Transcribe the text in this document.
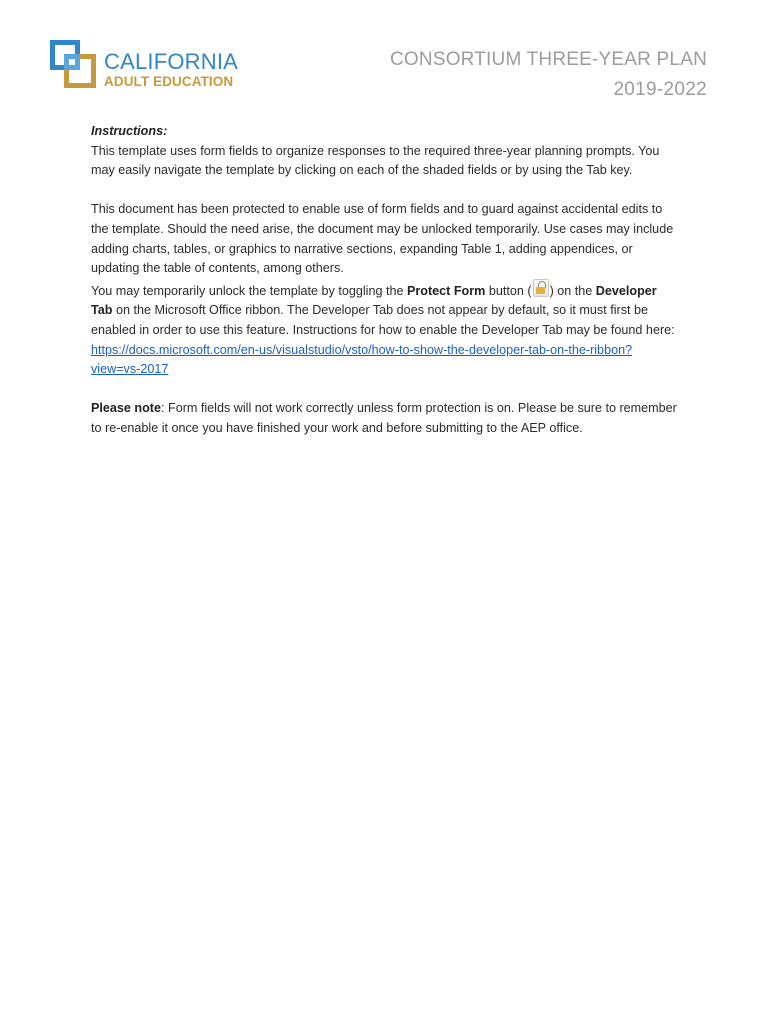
CALIFORNIA
ADULT EDUCATION
CONSORTIUM THREE-YEAR PLAN
2019-2022

Instructions:

This template uses form fields to organize responses to the required three-year planning prompts. You may easily navigate the template by clicking on each of the shaded fields or by using the Tab key.

This document has been protected to enable use of form fields and to guard against accidental edits to the template. Should the need arise, the document may be unlocked temporarily. Use cases may include adding charts, tables, or graphics to narrative sections, expanding Table 1, adding appendices, or updating the table of contents, among others.

You may temporarily unlock the template by toggling the Protect Form button ( ) on the Developer Tab on the Microsoft Office ribbon. The Developer Tab does not appear by default, so it must first be enabled in order to use this feature. Instructions for how to enable the Developer Tab may be found here: https://docs.microsoft.com/en-us/visualstudio/vsto/how-to-show-the-developer-tab-on-the-ribbon?view=vs-2017

Please note: Form fields will not work correctly unless form protection is on. Please be sure to remember to re-enable it once you have finished your work and before submitting to the AEP office.
